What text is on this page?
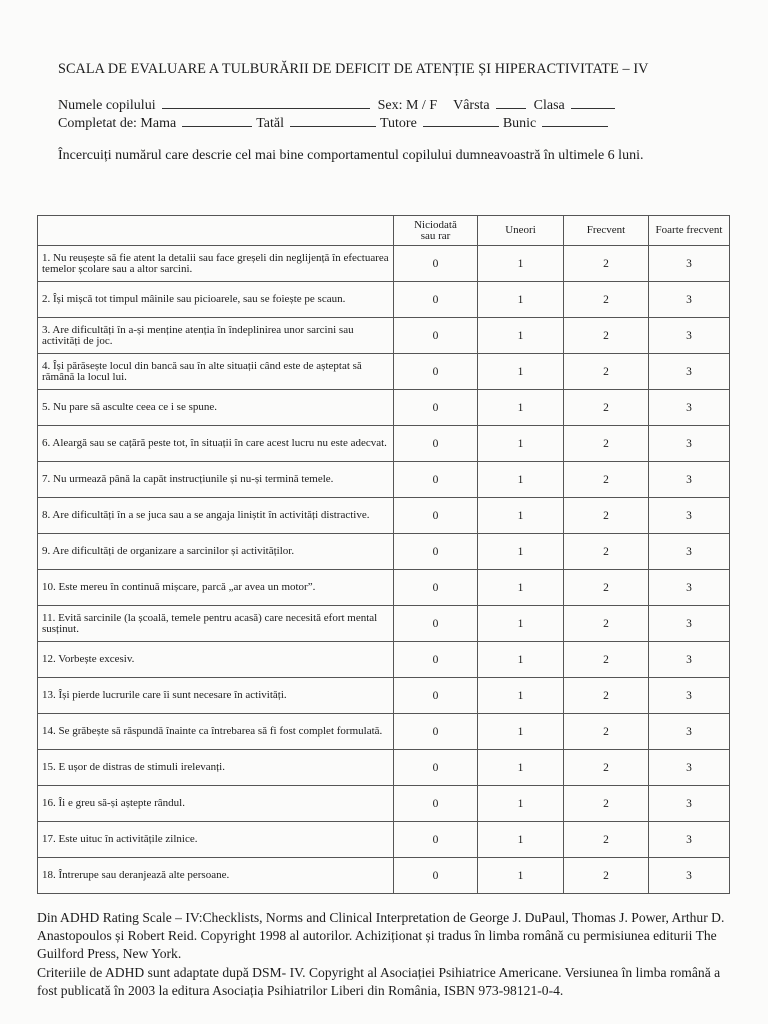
SCALA DE EVALUARE A TULBURĂRII DE DEFICIT DE ATENȚIE ȘI HIPERACTIVITATE – IV
Numele copilului	Sex: M / F Vârsta	Clasa
Completat de: Mama	Tatăl	Tutore	Bunic
Încercuiți numărul care descrie cel mai bine comportamentul copilului dumneavoastră în ultimele 6 luni.
	Niciodată sau rar	Uneori	Frecvent	Foarte frecvent
1. Nu reușește să fie atent la detalii sau face greșeli din neglijență în efectuarea temelor școlare sau a altor sarcini.	0	1	2	3
2. Își mișcă tot timpul mâinile sau picioarele, sau se foiește pe scaun.	0	1	2	3
3. Are dificultăți în a-și menține atenția în îndeplinirea unor sarcini sau activități de joc.	0	1	2	3
4. Își părăsește locul din bancă sau în alte situații când este de așteptat să rămână la locul lui.	0	1	2	3
5. Nu pare să asculte ceea ce i se spune.	0	1	2	3
6. Aleargă sau se cațără peste tot, în situații în care acest lucru nu este adecvat.	0	1	2	3
7. Nu urmează până la capăt instrucțiunile și nu-și termină temele.	0	1	2	3
8. Are dificultăți în a se juca sau a se angaja liniștit în activități distractive.	0	1	2	3
9. Are dificultăți de organizare a sarcinilor și activităților.	0	1	2	3
10. Este mereu în continuă mișcare, parcă „ar avea un motor”.	0	1	2	3
11. Evită sarcinile (la școală, temele pentru acasă) care necesită efort mental susținut.	0	1	2	3
12. Vorbește excesiv.	0	1	2	3
13. Își pierde lucrurile care îi sunt necesare în activități.	0	1	2	3
14. Se grăbește să răspundă înainte ca întrebarea să fi fost complet formulată.	0	1	2	3
15. E ușor de distras de stimuli irelevanți.	0	1	2	3
16. Îi e greu să-și aștepte rândul.	0	1	2	3
17. Este uituc în activitățile zilnice.	0	1	2	3
18. Întrerupe sau deranjează alte persoane.	0	1	2	3

Din ADHD Rating Scale – IV:Checklists, Norms and Clinical Interpretation de George J. DuPaul, Thomas J. Power, Arthur D. Anastopoulos și Robert Reid. Copyright 1998 al autorilor. Achiziționat și tradus în limba română cu permisiunea editurii The Guilford Press, New York.

Criteriile de ADHD sunt adaptate după DSM- IV. Copyright al Asociației Psihiatrice Americane. Versiunea în limba română a fost publicată în 2003 la editura Asociația Psihiatrilor Liberi din România, ISBN 973-98121-0-4.
